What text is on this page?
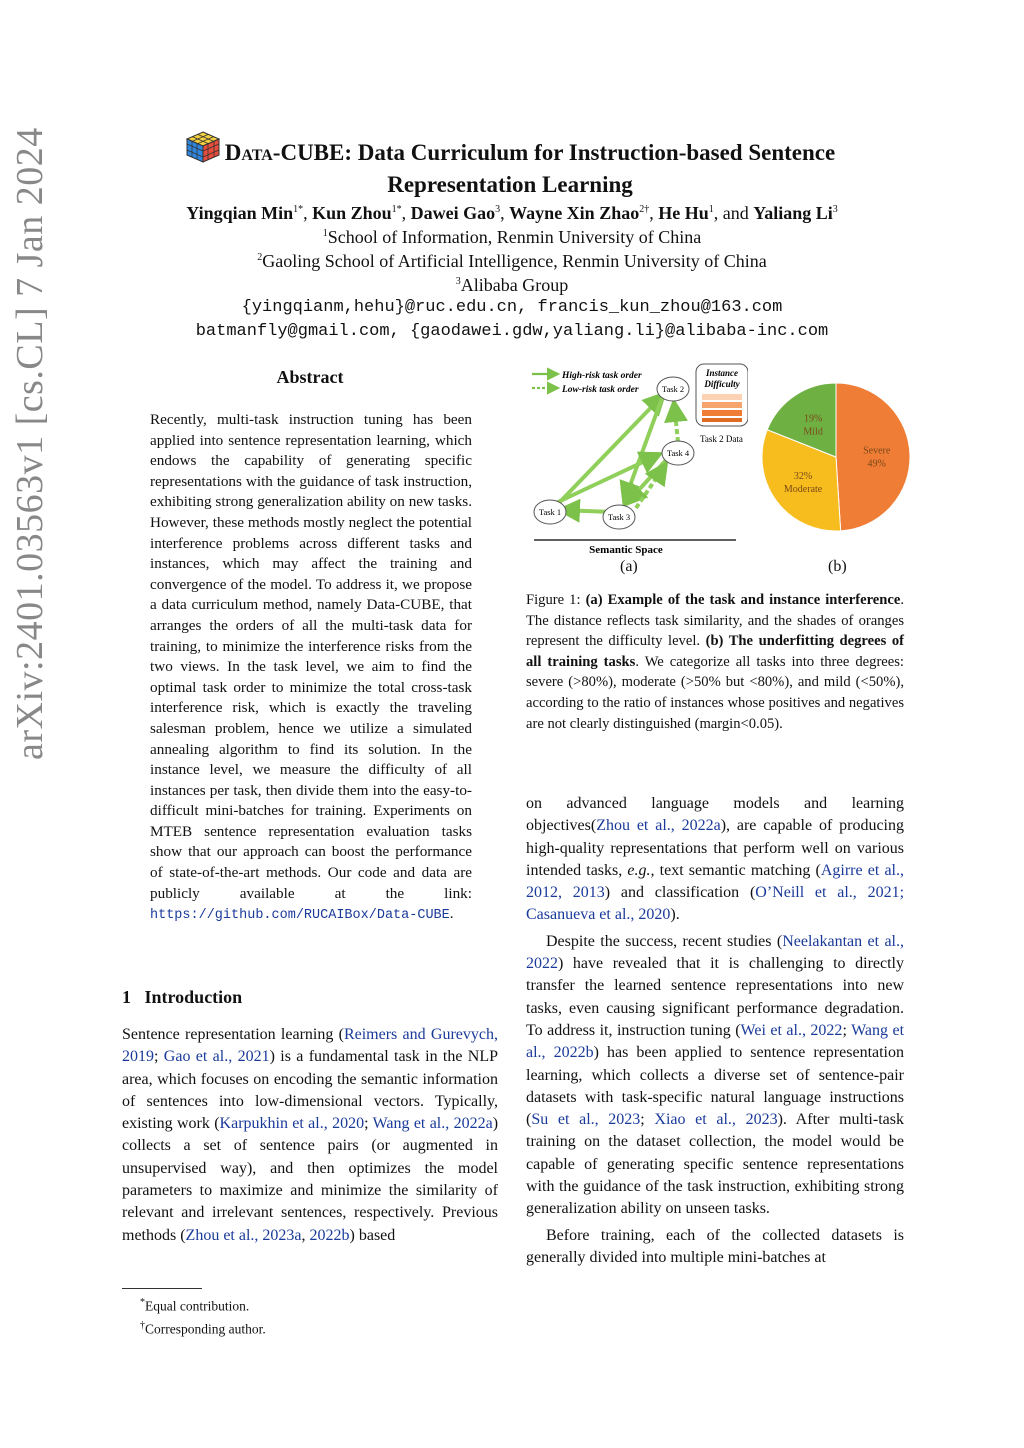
arXiv:2401.03563v1 [cs.CL] 7 Jan 2024	Data-CUBE: Data Curriculum for Instruction-based Sentence
Representation Learning
Yingqian Min$^{1*}$, Kun Zhou$^{1*}$, Dawei Gao$^3$, Wayne Xin Zhao$^{2\dagger}$, He Hu$^1$, and Yaliang Li$^3$
$^1$School of Information, Renmin University of China
$^2$Gaoling School of Artificial Intelligence, Renmin University of China
$^3$Alibaba Group
{yingqianm,hehu}@ruc.edu.cn, francis_kun_zhou@163.com
batmanfly@gmail.com, {gaodawei.gdw,yaliang.li}@alibaba-inc.com
Abstract
Recently, multi-task instruction tuning has been applied into sentence representation learning, which endows the capability of generating specific representations with the guidance of task instruction, exhibiting strong generalization ability on new tasks. However, these methods mostly neglect the potential interference problems across different tasks and instances, which may affect the training and convergence of the model. To address it, we propose a data curriculum method, namely Data-CUBE, that arranges the orders of all the multi-task data for training, to minimize the interference risks from the two views. In the task level, we aim to find the optimal task order to minimize the total cross-task interference risk, which is exactly the traveling salesman problem, hence we utilize a simulated annealing algorithm to find its solution. In the instance level, we measure the difficulty of all instances per task, then divide them into the easy-to-difficult mini-batches for training. Experiments on MTEB sentence representation evaluation tasks show that our approach can boost the performance of state-of-the-art methods. Our code and data are publicly available at the link: https://github.com/RUCAIBox/Data-CUBE.
1 Introduction

Sentence representation learning (Reimers and Gurevych, 2019; Gao et al., 2021) is a fundamental task in the NLP area, which focuses on encoding the semantic information of sentences into low-dimensional vectors. Typically, existing work (Karpukhin et al., 2020; Wang et al., 2022a) collects a set of sentence pairs (or augmented in unsupervised way), and then optimizes the model parameters to maximize and minimize the similarity of relevant and irrelevant sentences, respectively. Previous methods (Zhou et al., 2023a, 2022b) based

*Equal contribution.
†Corresponding author.
High-risk task order
Low-risk task order
Task 1
Task 2
Task 3
Task 4
Instance
Difficulty
Task 2 Data
Semantic Space
(a)
Severe
49%
32%
Moderate
19%
Mild
(b)
Figure 1: (a) Example of the task and instance interference. The distance reflects task similarity, and the shades of oranges represent the difficulty level. (b) The underfitting degrees of all training tasks. We categorize all tasks into three degrees: severe (>80%), moderate (>50% but <80%), and mild (<50%), according to the ratio of instances whose positives and negatives are not clearly distinguished (margin<0.05).

on advanced language models and learning objectives(Zhou et al., 2022a), are capable of producing high-quality representations that perform well on various intended tasks, e.g., text semantic matching (Agirre et al., 2012, 2013) and classification (O’Neill et al., 2021; Casanueva et al., 2020).

Despite the success, recent studies (Neelakantan et al., 2022) have revealed that it is challenging to directly transfer the learned sentence representations into new tasks, even causing significant performance degradation. To address it, instruction tuning (Wei et al., 2022; Wang et al., 2022b) has been applied to sentence representation learning, which collects a diverse set of sentence-pair datasets with task-specific natural language instructions (Su et al., 2023; Xiao et al., 2023). After multi-task training on the dataset collection, the model would be capable of generating specific sentence representations with the guidance of the task instruction, exhibiting strong generalization ability on unseen tasks.

Before training, each of the collected datasets is generally divided into multiple mini-batches at
